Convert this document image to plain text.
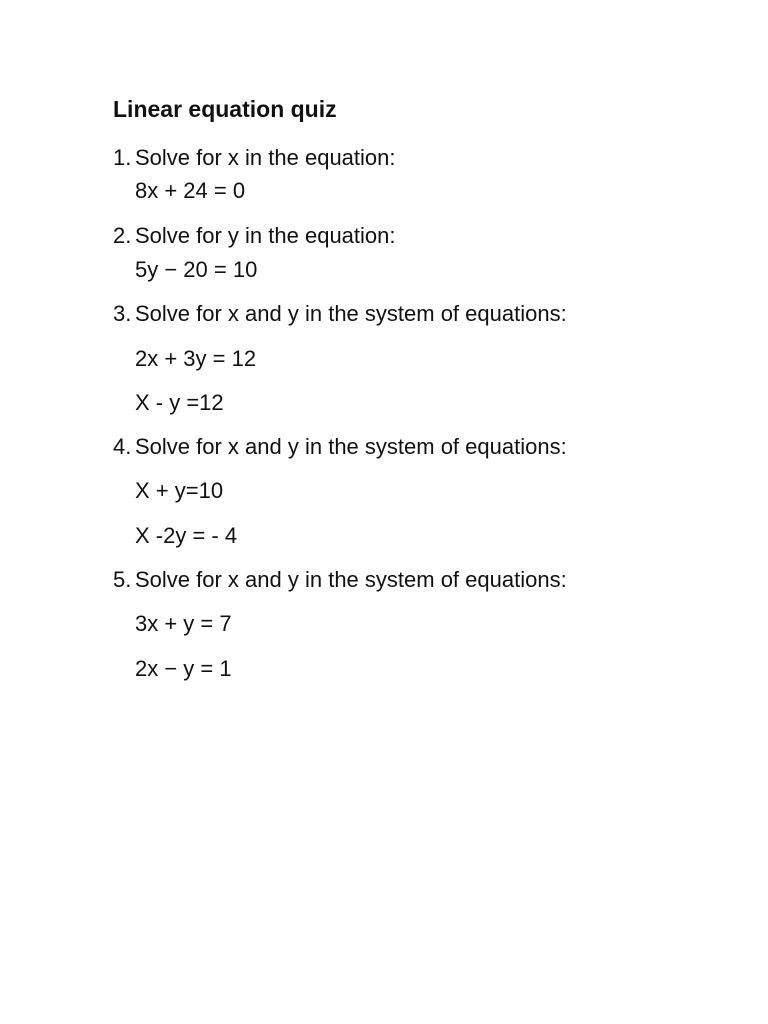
Linear equation quiz
1. Solve for x in the equation:
8x + 24 = 0
2. Solve for y in the equation:
5y − 20 = 10
3. Solve for x and y in the system of equations:
2x + 3y = 12
X - y =12
4. Solve for x and y in the system of equations:
X + y=10
X -2y = - 4
5. Solve for x and y in the system of equations:
3x + y = 7
2x − y = 1
